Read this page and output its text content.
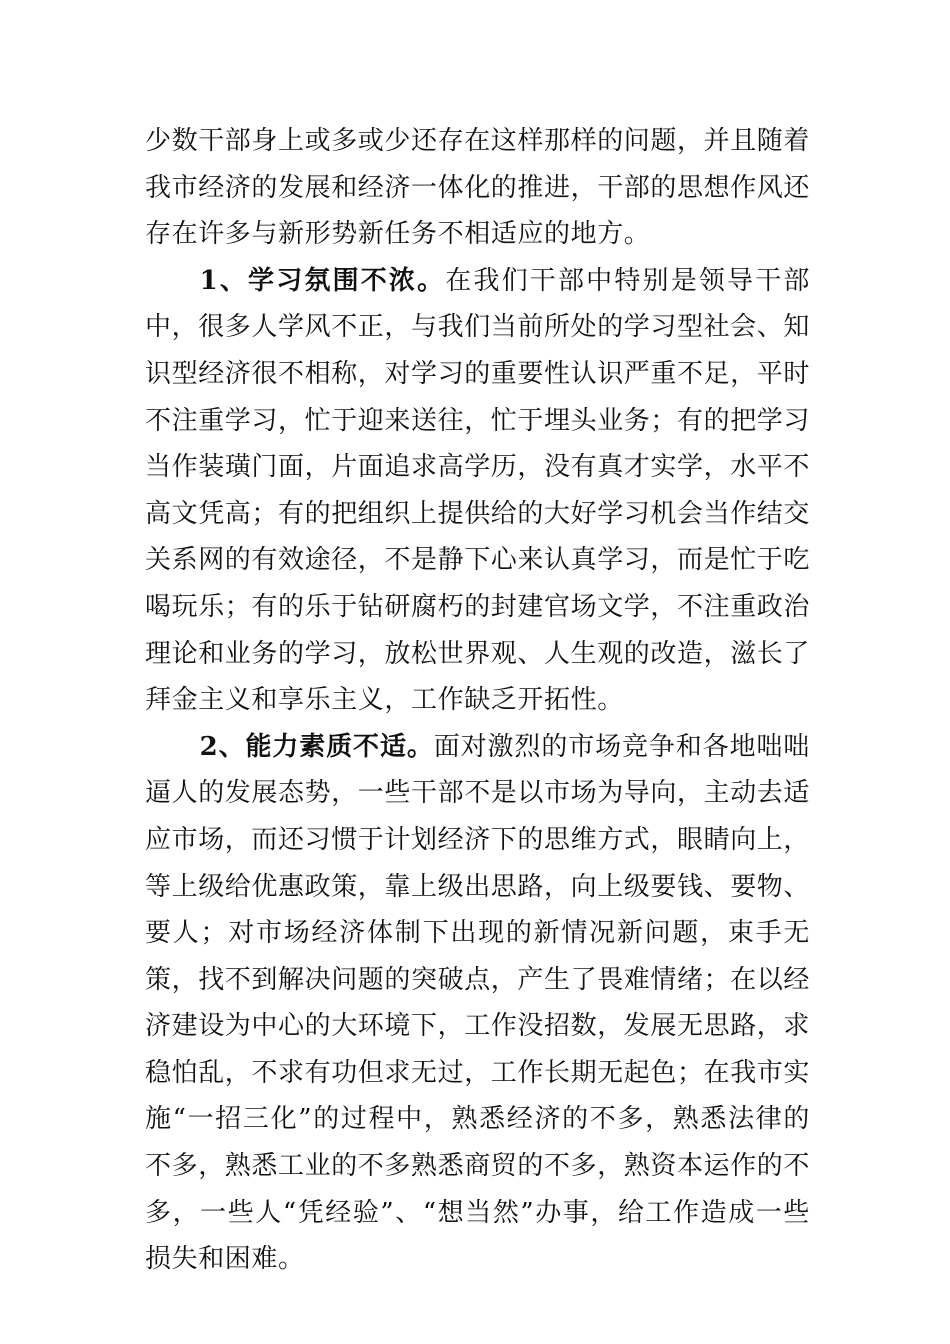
少数干部身上或多或少还存在这样那样的问题，并且随着我市经济的发展和经济一体化的推进，干部的思想作风还存在许多与新形势新任务不相适应的地方。

1、学习氛围不浓。在我们干部中特别是领导干部中，很多人学风不正，与我们当前所处的学习型社会、知识型经济很不相称，对学习的重要性认识严重不足，平时不注重学习，忙于迎来送往，忙于埋头业务；有的把学习当作装璜门面，片面追求高学历，没有真才实学，水平不高文凭高；有的把组织上提供给的大好学习机会当作结交关系网的有效途径，不是静下心来认真学习，而是忙于吃喝玩乐；有的乐于钻研腐朽的封建官场文学，不注重政治理论和业务的学习，放松世界观、人生观的改造，滋长了拜金主义和享乐主义，工作缺乏开拓性。

2、能力素质不适。面对激烈的市场竞争和各地咄咄逼人的发展态势，一些干部不是以市场为导向，主动去适应市场，而还习惯于计划经济下的思维方式，眼睛向上，等上级给优惠政策，靠上级出思路，向上级要钱、要物、要人；对市场经济体制下出现的新情况新问题，束手无策，找不到解决问题的突破点，产生了畏难情绪；在以经济建设为中心的大环境下，工作没招数，发展无思路，求稳怕乱，不求有功但求无过，工作长期无起色；在我市实施“一招三化”的过程中，熟悉经济的不多，熟悉法律的不多，熟悉工业的不多熟悉商贸的不多，熟资本运作的不多，一些人“凭经验”、“想当然”办事，给工作造成一些损失和困难。
